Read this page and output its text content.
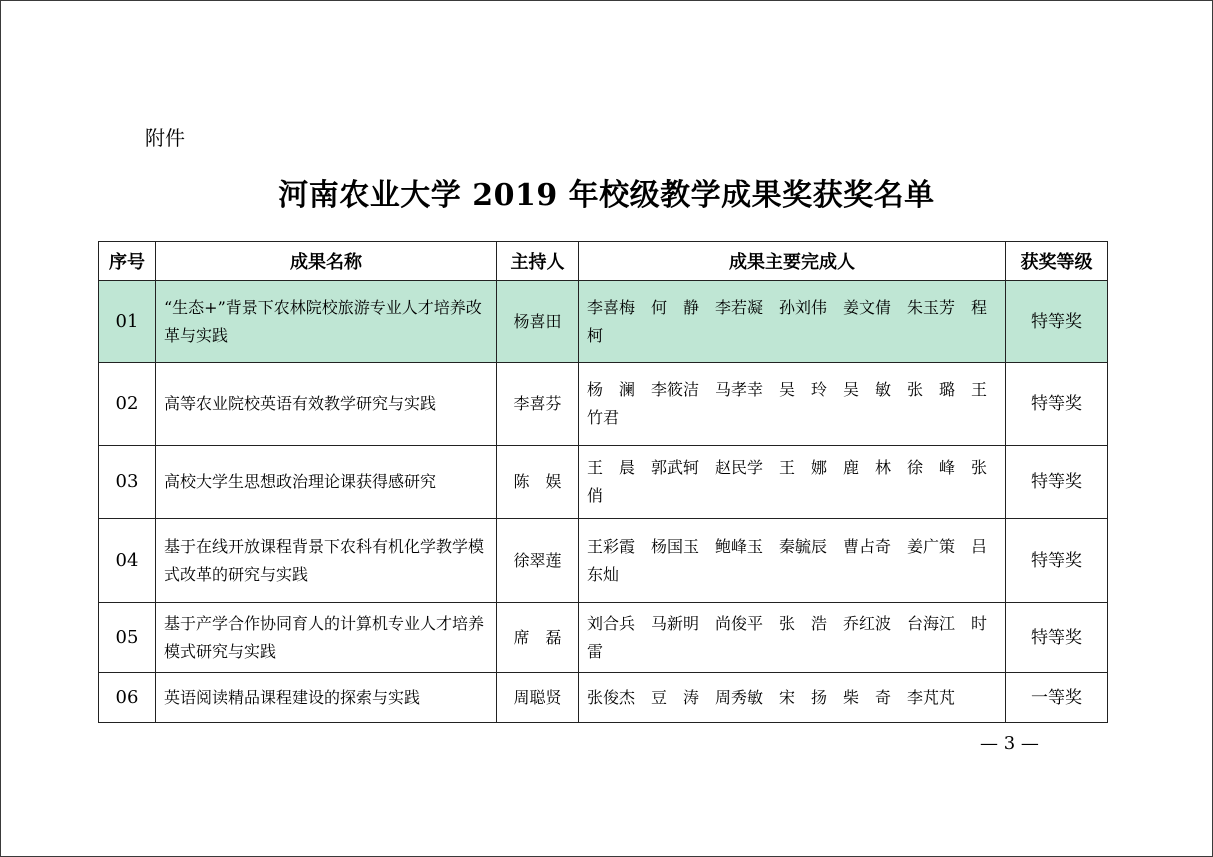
附件
河南农业大学 2019 年校级教学成果奖获奖名单
序号	成果名称	主持人	成果主要完成人	获奖等级
01	“生态+”背景下农林院校旅游专业人才培养改革与实践	杨喜田	李喜梅　何　静　李若凝　孙刘伟　姜文倩　朱玉芳　程　柯	特等奖
02	高等农业院校英语有效教学研究与实践	李喜芬	杨　澜　李筱洁　马孝幸　吴　玲　吴　敏　张　璐　王竹君	特等奖
03	高校大学生思想政治理论课获得感研究	陈　娱	王　晨　郭武轲　赵民学　王　娜　鹿　林　徐　峰　张　俏	特等奖
04	基于在线开放课程背景下农科有机化学教学模式改革的研究与实践	徐翠莲	王彩霞　杨国玉　鲍峰玉　秦毓辰　曹占奇　姜广策　吕东灿	特等奖
05	基于产学合作协同育人的计算机专业人才培养模式研究与实践	席　磊	刘合兵　马新明　尚俊平　张　浩　乔红波　台海江　时　雷	特等奖
06	英语阅读精品课程建设的探索与实践	周聪贤	张俊杰　豆　涛　周秀敏　宋　扬　柴　奇　李芃芃	一等奖
— 3 —
